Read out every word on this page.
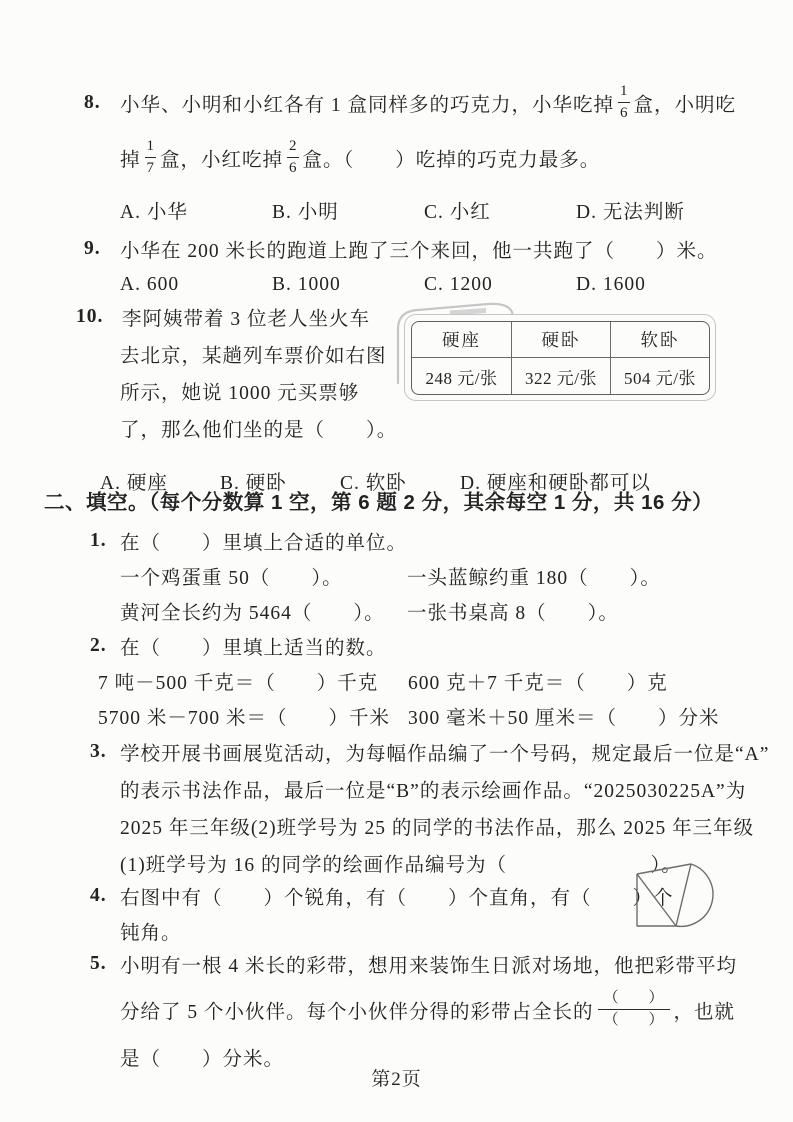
8. 小华、小明和小红各有 1 盒同样多的巧克力，小华吃掉 $\frac{1}{6}$ 盒，小明吃
掉 $\frac{1}{7}$ 盒，小红吃掉 $\frac{2}{6}$ 盒。（　　）吃掉的巧克力最多。
A. 小华	B. 小明	C. 小红	D. 无法判断
9. 小华在 200 米长的跑道上跑了三个来回，他一共跑了（　　）米。
A. 600	B. 1000	C. 1200	D. 1600
10. 李阿姨带着 3 位老人坐火车
去北京，某趟列车票价如右图
所示，她说 1000 元买票够
了，那么他们坐的是（　　）。
A. 硬座	B. 硬卧	C. 软卧	D. 硬座和硬卧都可以
硬座	硬卧	软卧
248 元/张	322 元/张	504 元/张
二、填空。（每个分数算 1 空，第 6 题 2 分，其余每空 1 分，共 16 分）
1. 在（　　）里填上合适的单位。
一个鸡蛋重 50（　　）。	一头蓝鲸约重 180（　　）。
黄河全长约为 5464（　　）。	一张书桌高 8（　　）。
2. 在（　　）里填上适当的数。
7 吨－500 千克＝（　　）千克	600 克＋7 千克＝（　　）克
5700 米－700 米＝（　　）千米 300 毫米＋50 厘米＝（　　）分米
3. 学校开展书画展览活动，为每幅作品编了一个号码，规定最后一位是“A”
的表示书法作品，最后一位是“B”的表示绘画作品。“2025030225A”为
2025 年三年级(2)班学号为 25 的同学的书法作品，那么 2025 年三年级
(1)班学号为 16 的同学的绘画作品编号为（　　　　　　　）。
4. 右图中有（　　）个锐角，有（　　）个直角，有（　　）个
钝角。
5. 小明有一根 4 米长的彩带，想用来装饰生日派对场地，他把彩带平均
分给了 5 个小伙伴。每个小伙伴分得的彩带占全长的 $\frac{( )}{( )}$ ，也就
是（　　）分米。
第2页
